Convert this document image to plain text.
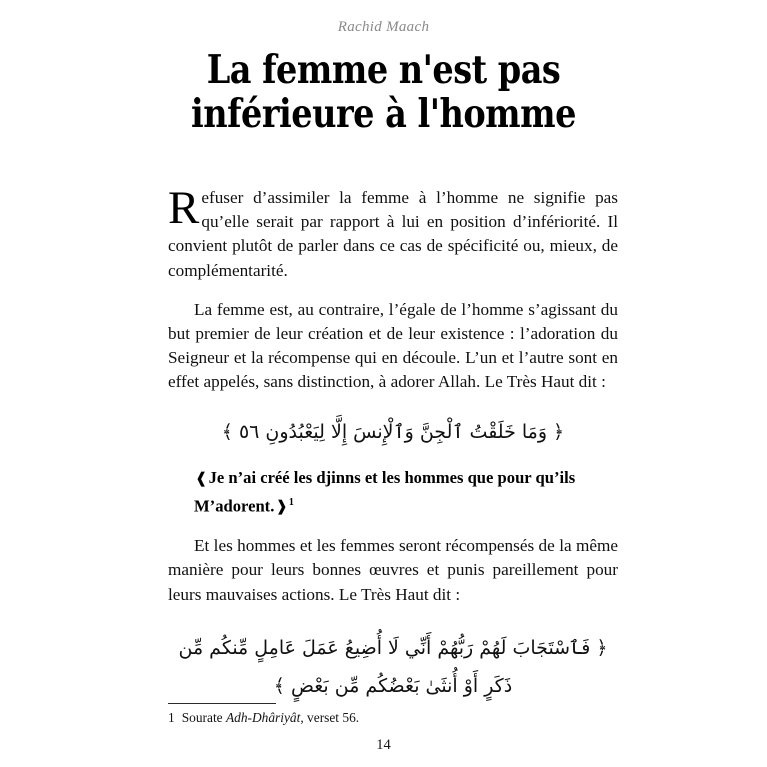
Rachid Maach
La femme n'est pas
inférieure à l'homme

Refuser d’assimiler la femme à l’homme ne signifie pas qu’elle serait par rapport à lui en position d’infériorité. Il convient plutôt de parler dans ce cas de spécificité ou, mieux, de complémentarité.

La femme est, au contraire, l’égale de l’homme s’agissant du but premier de leur création et de leur existence : l’adoration du Seigneur et la récompense qui en découle. L’un et l’autre sont en effet appelés, sans distinction, à adorer Allah. Le Très Haut dit :

﴿ وَمَا خَلَقْتُ ٱلْجِنَّ وَٱلْإِنسَ إِلَّا لِيَعْبُدُونِ ٥٦ ﴾
❰Je n’ai créé les djinns et les hommes que pour qu’ils M’adorent.❱$^1$

Et les hommes et les femmes seront récompensés de la même manière pour leurs bonnes œuvres et punis pareillement pour leurs mauvaises actions. Le Très Haut dit :

﴿ فَٱسْتَجَابَ لَهُمْ رَبُّهُمْ أَنِّي لَا أُضِيعُ عَمَلَ عَامِلٍ مِّنكُم مِّن
ذَكَرٍ أَوْ أُنثَىٰ بَعْضُكُم مِّن بَعْضٍ ﴾
1 Sourate Adh-Dhâriyât, verset 56.
14
